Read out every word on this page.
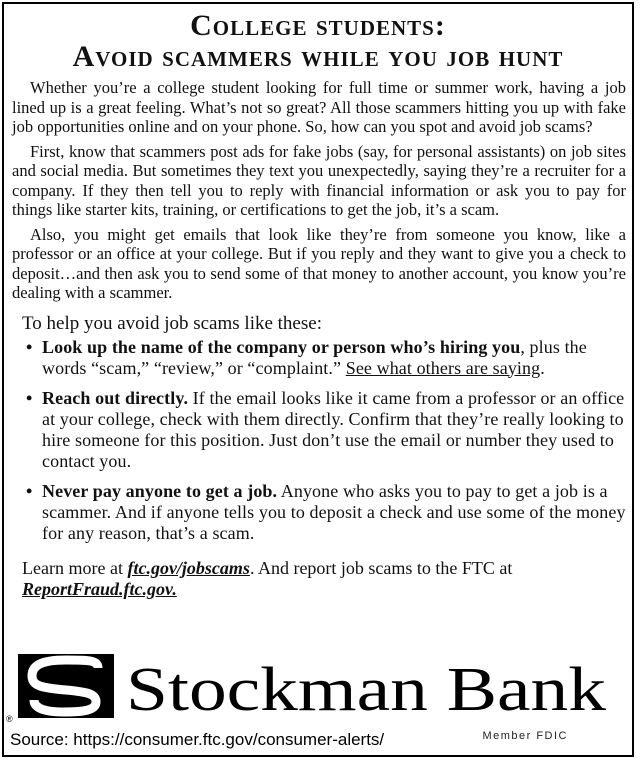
College students:
Avoid scammers while you job hunt

Whether you’re a college student looking for full time or summer work, having a job lined up is a great feeling. What’s not so great? All those scammers hitting you up with fake job opportunities online and on your phone. So, how can you spot and avoid job scams?

First, know that scammers post ads for fake jobs (say, for personal assistants) on job sites and social media. But sometimes they text you unexpectedly, saying they’re a recruiter for a company. If they then tell you to reply with financial information or ask you to pay for things like starter kits, training, or certifications to get the job, it’s a scam.

Also, you might get emails that look like they’re from someone you know, like a professor or an office at your college. But if you reply and they want to give you a check to deposit…and then ask you to send some of that money to another account, you know you’re dealing with a scammer.

To help you avoid job scams like these:
• Look up the name of the company or person who’s hiring you, plus the words “scam,” “review,” or “complaint.” See what others are saying.
• Reach out directly. If the email looks like it came from a professor or an office at your college, check with them directly. Confirm that they’re really looking to hire someone for this position. Just don’t use the email or number they used to contact you.
• Never pay anyone to get a job. Anyone who asks you to pay to get a job is a scammer. And if anyone tells you to deposit a check and use some of the money for any reason, that’s a scam.
Learn more at ftc.gov/jobscams. And report job scams to the FTC at ReportFraud.ftc.gov.
Stockman Bank
®
Source: https://consumer.ftc.gov/consumer-alerts/	Member FDIC
